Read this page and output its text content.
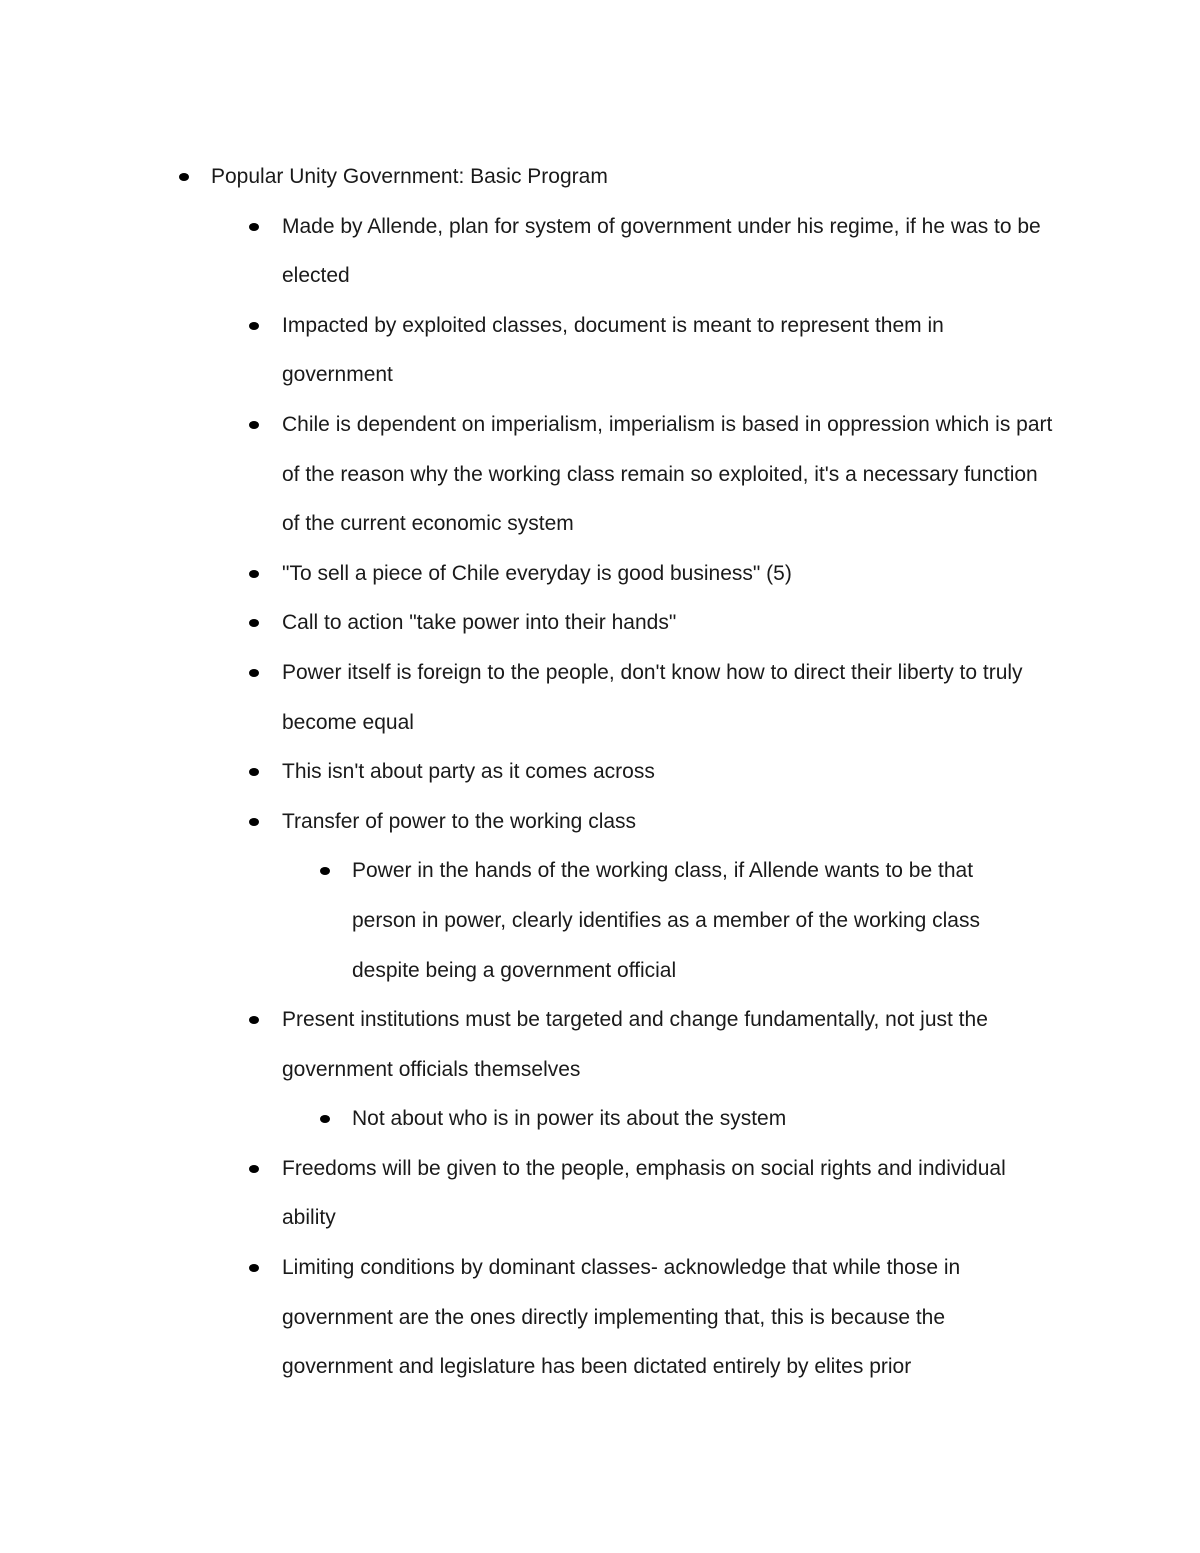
Popular Unity Government: Basic Program
Made by Allende, plan for system of government under his regime, if he was to be elected
Impacted by exploited classes, document is meant to represent them in government
Chile is dependent on imperialism, imperialism is based in oppression which is part of the reason why the working class remain so exploited, it's a necessary function of the current economic system
"To sell a piece of Chile everyday is good business" (5)
Call to action "take power into their hands"
Power itself is foreign to the people, don't know how to direct their liberty to truly become equal
This isn't about party as it comes across
Transfer of power to the working class
Power in the hands of the working class, if Allende wants to be that person in power, clearly identifies as a member of the working class despite being a government official
Present institutions must be targeted and change fundamentally, not just the government officials themselves
Not about who is in power its about the system
Freedoms will be given to the people, emphasis on social rights and individual ability
Limiting conditions by dominant classes- acknowledge that while those in government are the ones directly implementing that, this is because the government and legislature has been dictated entirely by elites prior
